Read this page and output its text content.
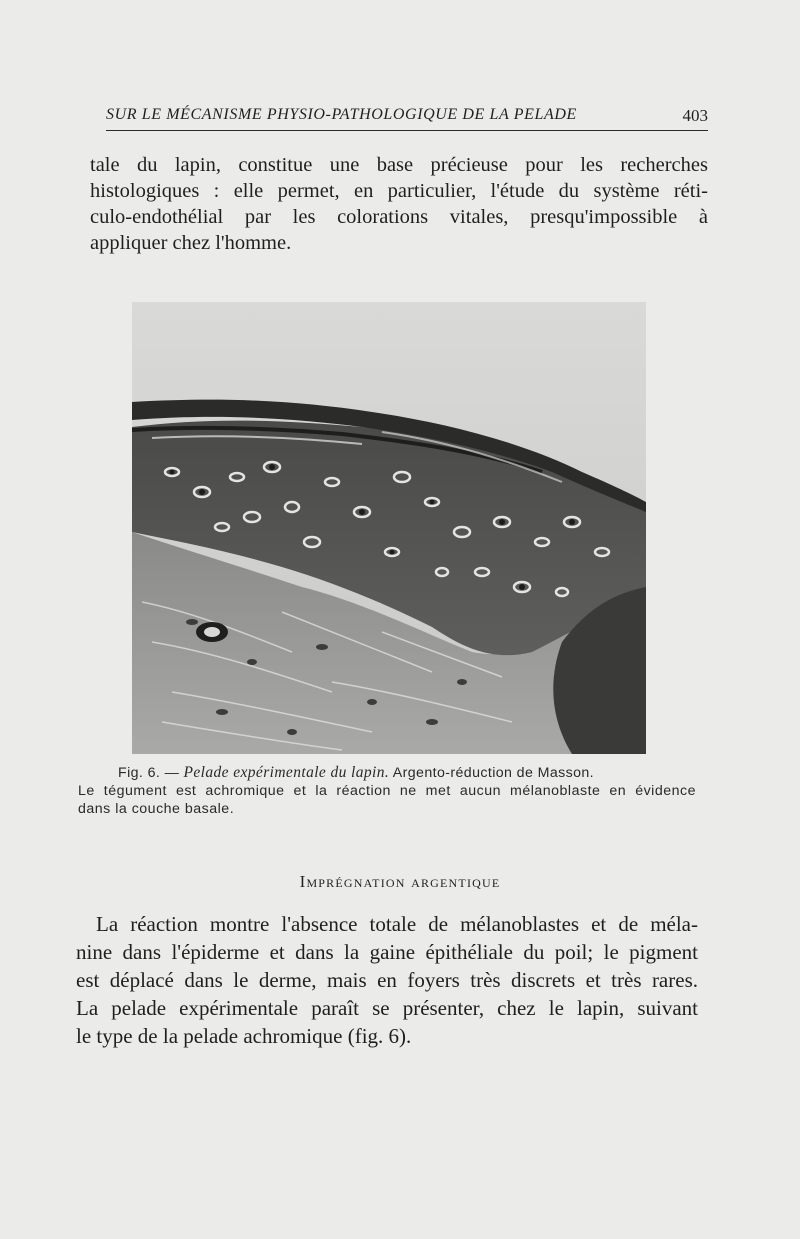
SUR LE MÉCANISME PHYSIO-PATHOLOGIQUE DE LA PELADE	403

tale du lapin, constitue une base précieuse pour les recherches
histologiques : elle permet, en particulier, l'étude du système réti-
culo-endothélial par les colorations vitales, presqu'impossible à
appliquer chez l'homme.

Fig. 6. — Pelade expérimentale du lapin. Argento-réduction de Masson.
Le tégument est achromique et la réaction ne met aucun mélanoblaste en évidence
dans la couche basale.
Imprégnation argentique

La réaction montre l'absence totale de mélanoblastes et de méla-
nine dans l'épiderme et dans la gaine épithéliale du poil; le pigment
est déplacé dans le derme, mais en foyers très discrets et très rares.
La pelade expérimentale paraît se présenter, chez le lapin, suivant
le type de la pelade achromique (fig. 6).
